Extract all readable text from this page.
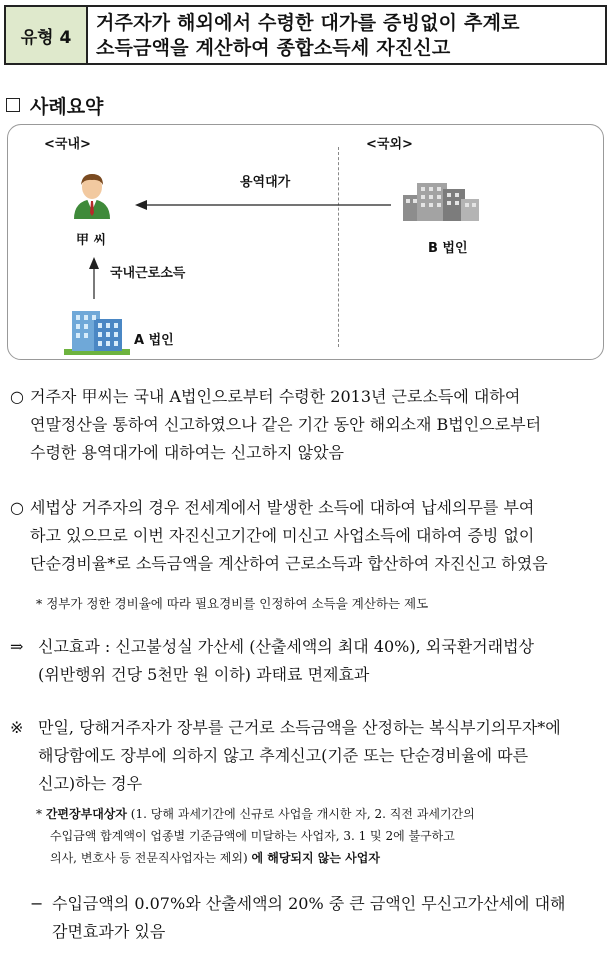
유형 4
거주자가 해외에서 수령한 대가를 증빙없이 추계로
소득금액을 계산하여 종합소득세 자진신고
사례요약
<국내>	<국외>
甲 씨
용역대가
B 법인
국내근로소득
A 법인
○ 거주자 甲씨는 국내 A법인으로부터 수령한 2013년 근로소득에 대하여
연말정산을 통하여 신고하였으나 같은 기간 동안 해외소재 B법인으로부터
수령한 용역대가에 대하여는 신고하지 않았음
○ 세법상 거주자의 경우 전세계에서 발생한 소득에 대하여 납세의무를 부여
하고 있으므로 이번 자진신고기간에 미신고 사업소득에 대하여 증빙 없이
단순경비율*로 소득금액을 계산하여 근로소득과 합산하여 자진신고 하였음
* 정부가 정한 경비율에 따라 필요경비를 인정하여 소득을 계산하는 제도
⇒ 신고효과 : 신고불성실 가산세 (산출세액의 최대 40%), 외국환거래법상
(위반행위 건당 5천만 원 이하) 과태료 면제효과
※ 만일, 당해거주자가 장부를 근거로 소득금액을 산정하는 복식부기의무자*에
해당함에도 장부에 의하지 않고 추계신고(기준 또는 단순경비율에 따른
신고)하는 경우
* 간편장부대상자 (1. 당해 과세기간에 신규로 사업을 개시한 자, 2. 직전 과세기간의
수입금액 합계액이 업종별 기준금액에 미달하는 사업자, 3. 1 및 2에 불구하고
의사, 변호사 등 전문직사업자는 제외) 에 해당되지 않는 사업자
− 수입금액의 0.07%와 산출세액의 20% 중 큰 금액인 무신고가산세에 대해
감면효과가 있음
